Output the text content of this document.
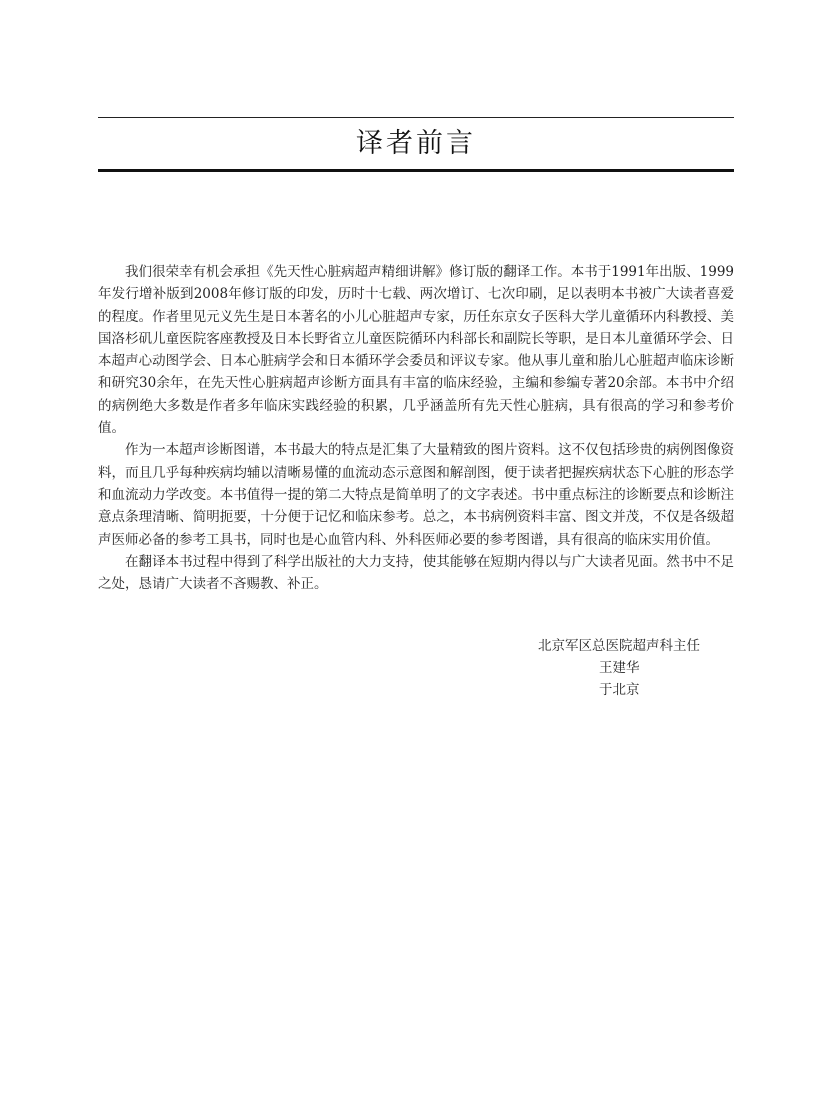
译者前言

我们很荣幸有机会承担《先天性心脏病超声精细讲解》修订版的翻译工作。本书于1991年出版、1999年发行增补版到2008年修订版的印发，历时十七载、两次增订、七次印刷，足以表明本书被广大读者喜爱的程度。作者里见元义先生是日本著名的小儿心脏超声专家，历任东京女子医科大学儿童循环内科教授、美国洛杉矶儿童医院客座教授及日本长野省立儿童医院循环内科部长和副院长等职，是日本儿童循环学会、日本超声心动图学会、日本心脏病学会和日本循环学会委员和评议专家。他从事儿童和胎儿心脏超声临床诊断和研究30余年，在先天性心脏病超声诊断方面具有丰富的临床经验，主编和参编专著20余部。本书中介绍的病例绝大多数是作者多年临床实践经验的积累，几乎涵盖所有先天性心脏病，具有很高的学习和参考价值。

作为一本超声诊断图谱，本书最大的特点是汇集了大量精致的图片资料。这不仅包括珍贵的病例图像资料，而且几乎每种疾病均辅以清晰易懂的血流动态示意图和解剖图，便于读者把握疾病状态下心脏的形态学和血流动力学改变。本书值得一提的第二大特点是简单明了的文字表述。书中重点标注的诊断要点和诊断注意点条理清晰、简明扼要，十分便于记忆和临床参考。总之，本书病例资料丰富、图文并茂，不仅是各级超声医师必备的参考工具书，同时也是心血管内科、外科医师必要的参考图谱，具有很高的临床实用价值。

在翻译本书过程中得到了科学出版社的大力支持，使其能够在短期内得以与广大读者见面。然书中不足之处，恳请广大读者不吝赐教、补正。

北京军区总医院超声科主任
王建华
于北京
